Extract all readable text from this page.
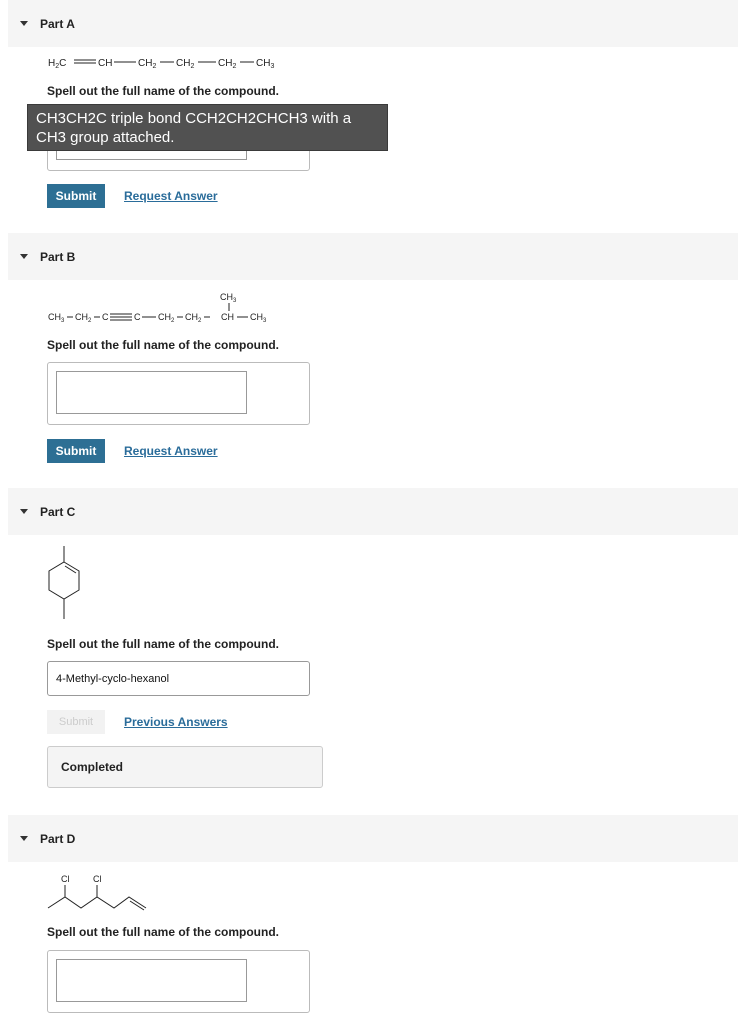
Part A
$H_2C$	CH	$CH_2$ $CH_2$ $CH_2$ $CH_3$
Spell out the full name of the compound.
Submit	Request Answer
Part B
$CH_3$
$CH_3$ $CH_2$ C	C $CH_2$ $CH_2$ CH $CH_3$
Spell out the full name of the compound.
Submit	Request Answer
Part C
Spell out the full name of the compound.
4-Methyl-cyclo-hexanol
Submit	Previous Answers
Completed
Part D
Cl	Cl
Spell out the full name of the compound.
CH3CH2C triple bond CCH2CH2CHCH3 with a CH3 group attached.
